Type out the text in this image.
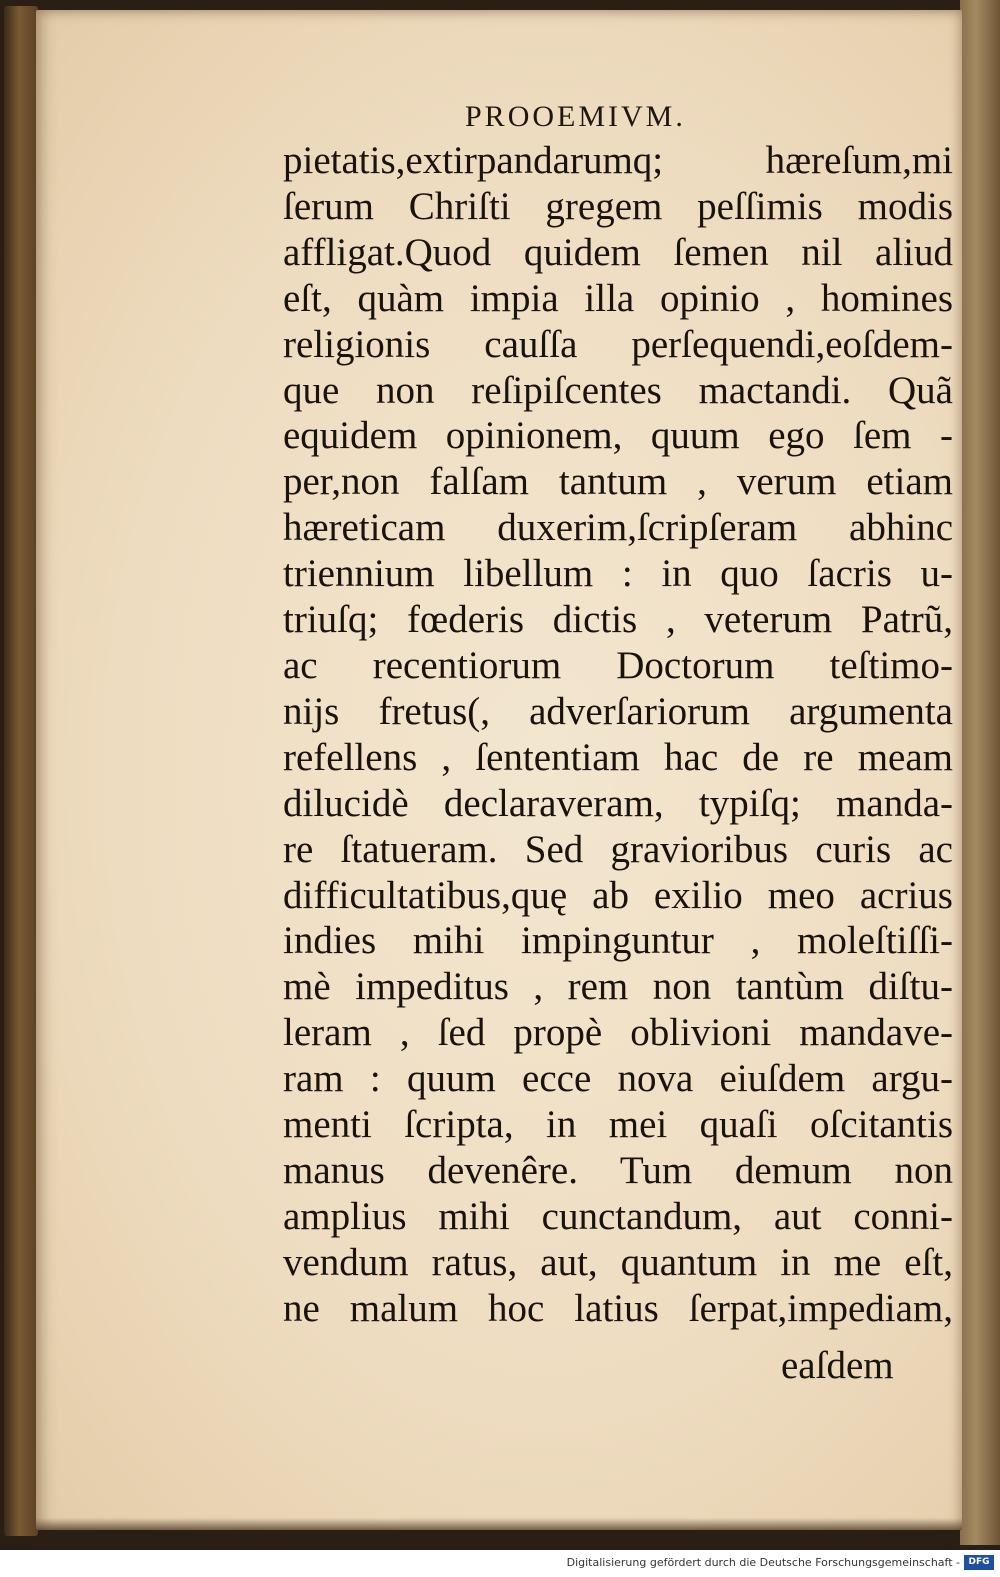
PROOEMIVM.
pietatis,extirpandarumq; hæreſum,mi
ſerum Chriſti gregem peſſimis modis
affligat.Quod quidem ſemen nil aliud
eſt, quàm impia illa opinio , homines
religionis cauſſa perſequendi,eoſdem-
que non reſipiſcentes mactandi. Quã
equidem opinionem, quum ego ſem -
per,non falſam tantum , verum etiam
hæreticam duxerim,ſcripſeram abhinc
triennium libellum : in quo ſacris u-
triuſq; fœderis dictis , veterum Patrũ,
ac recentiorum Doctorum teſtimo-
nijs fretus(, adverſariorum argumenta
refellens , ſententiam hac de re meam
dilucidè declaraveram, typiſq; manda-
re ſtatueram. Sed gravioribus curis ac
difficultatibus,quę ab exilio meo acrius
indies mihi impinguntur , moleſtiſſi-
mè impeditus , rem non tantùm diſtu-
leram , ſed propè oblivioni mandave-
ram : quum ecce nova eiuſdem argu-
menti ſcripta, in mei quaſi oſcitantis
manus devenêre. Tum demum non
amplius mihi cunctandum, aut conni-
vendum ratus, aut, quantum in me eſt,
ne malum hoc latius ſerpat,impediam,
eaſdem
Digitalisierung gefördert durch die Deutsche Forschungsgemeinschaft - DFG
